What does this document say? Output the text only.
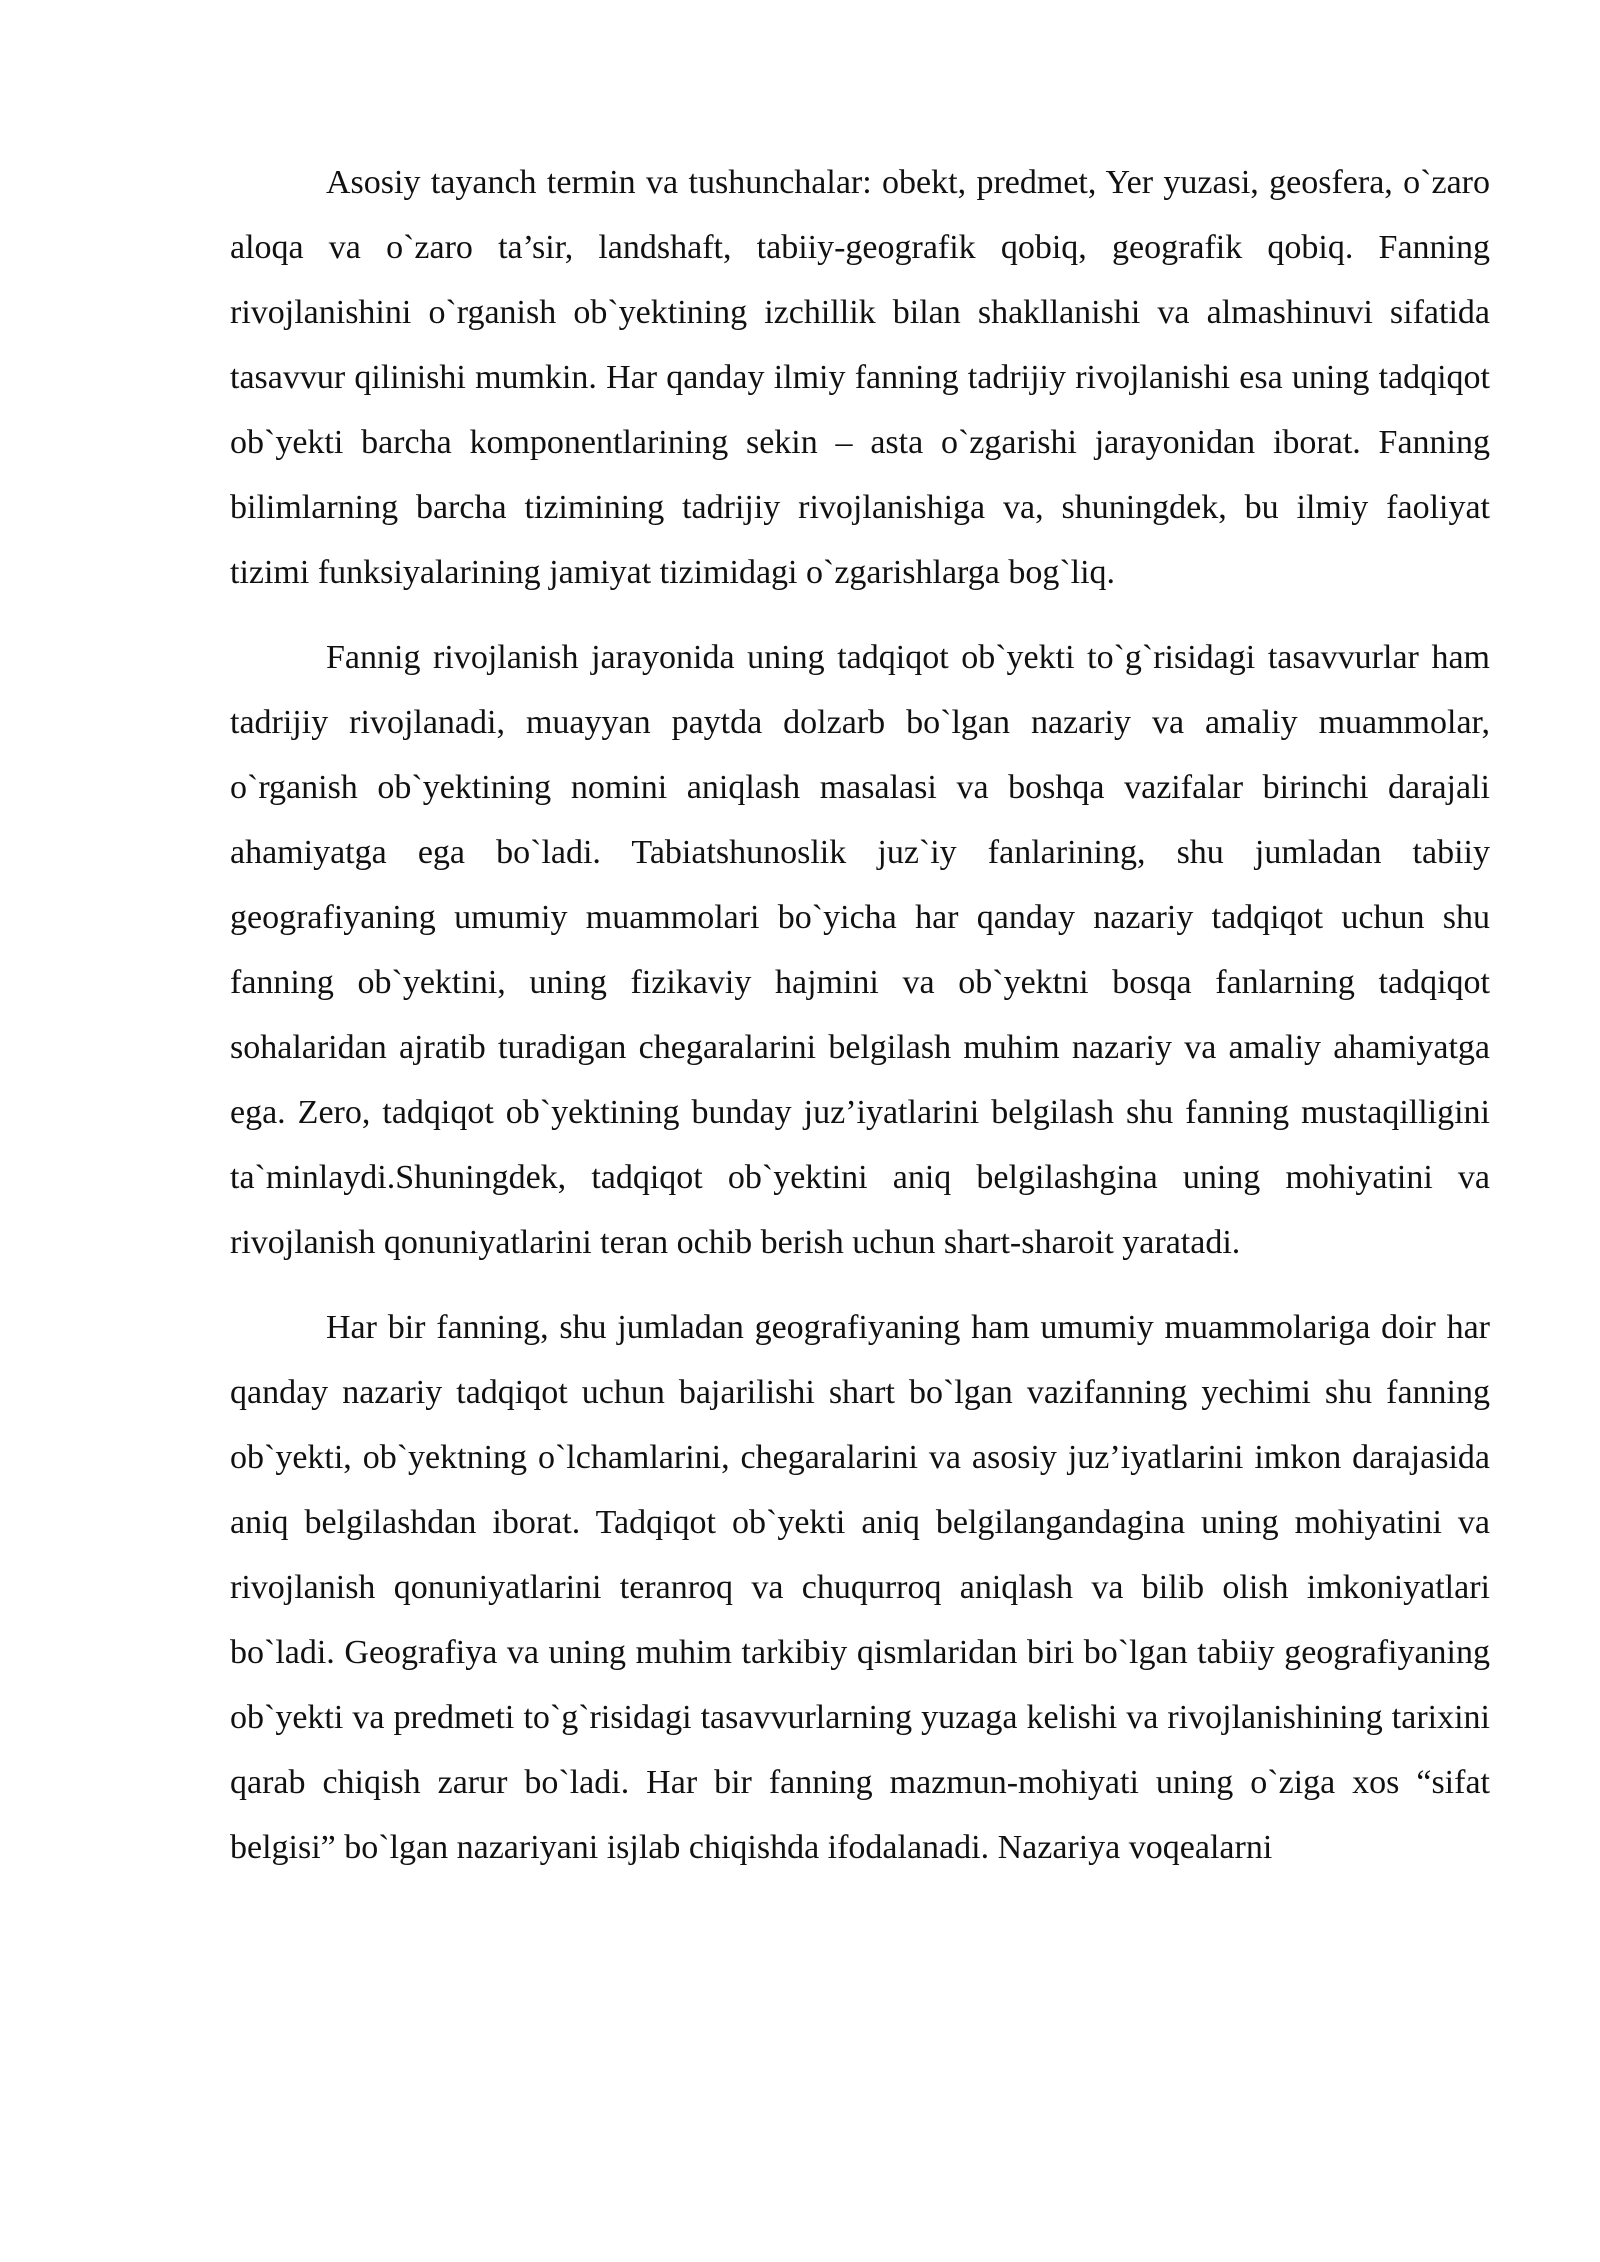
Asosiy tayanch termin va tushunchalar: obekt, predmet, Yer yuzasi, geosfera, o`zaro aloqa va o`zaro ta’sir, landshaft, tabiiy-geografik qobiq, geografik qobiq. Fanning rivojlanishini o`rganish ob`yektining izchillik bilan shakllanishi va almashinuvi sifatida tasavvur qilinishi mumkin. Har qanday ilmiy fanning tadrijiy rivojlanishi esa uning tadqiqot ob`yekti barcha komponentlarining sekin – asta o`zgarishi jarayonidan iborat. Fanning bilimlarning barcha tizimining tadrijiy rivojlanishiga va, shuningdek, bu ilmiy faoliyat tizimi funksiyalarining jamiyat tizimidagi o`zgarishlarga bog`liq.

Fannig rivojlanish jarayonida uning tadqiqot ob`yekti to`g`risidagi tasavvurlar ham tadrijiy rivojlanadi, muayyan paytda dolzarb bo`lgan nazariy va amaliy muammolar, o`rganish ob`yektining nomini aniqlash masalasi va boshqa vazifalar birinchi darajali ahamiyatga ega bo`ladi. Tabiatshunoslik juz`iy fanlarining, shu jumladan tabiiy geografiyaning umumiy muammolari bo`yicha har qanday nazariy tadqiqot uchun shu fanning ob`yektini, uning fizikaviy hajmini va ob`yektni bosqa fanlarning tadqiqot sohalaridan ajratib turadigan chegaralarini belgilash muhim nazariy va amaliy ahamiyatga ega. Zero, tadqiqot ob`yektining bunday juz’iyatlarini belgilash shu fanning mustaqilligini ta`minlaydi.Shuningdek, tadqiqot ob`yektini aniq belgilashgina uning mohiyatini va rivojlanish qonuniyatlarini teran ochib berish uchun shart-sharoit yaratadi.

Har bir fanning, shu jumladan geografiyaning ham umumiy muammolariga doir har qanday nazariy tadqiqot uchun bajarilishi shart bo`lgan vazifanning yechimi shu fanning ob`yekti, ob`yektning o`lchamlarini, chegaralarini va asosiy juz’iyatlarini imkon darajasida aniq belgilashdan iborat. Tadqiqot ob`yekti aniq belgilangandagina uning mohiyatini va rivojlanish qonuniyatlarini teranroq va chuqurroq aniqlash va bilib olish imkoniyatlari bo`ladi. Geografiya va uning muhim tarkibiy qismlaridan biri bo`lgan tabiiy geografiyaning ob`yekti va predmeti to`g`risidagi tasavvurlarning yuzaga kelishi va rivojlanishining tarixini qarab chiqish zarur bo`ladi. Har bir fanning mazmun-mohiyati uning o`ziga xos “sifat belgisi” bo`lgan nazariyani isjlab chiqishda ifodalanadi. Nazariya voqealarni
